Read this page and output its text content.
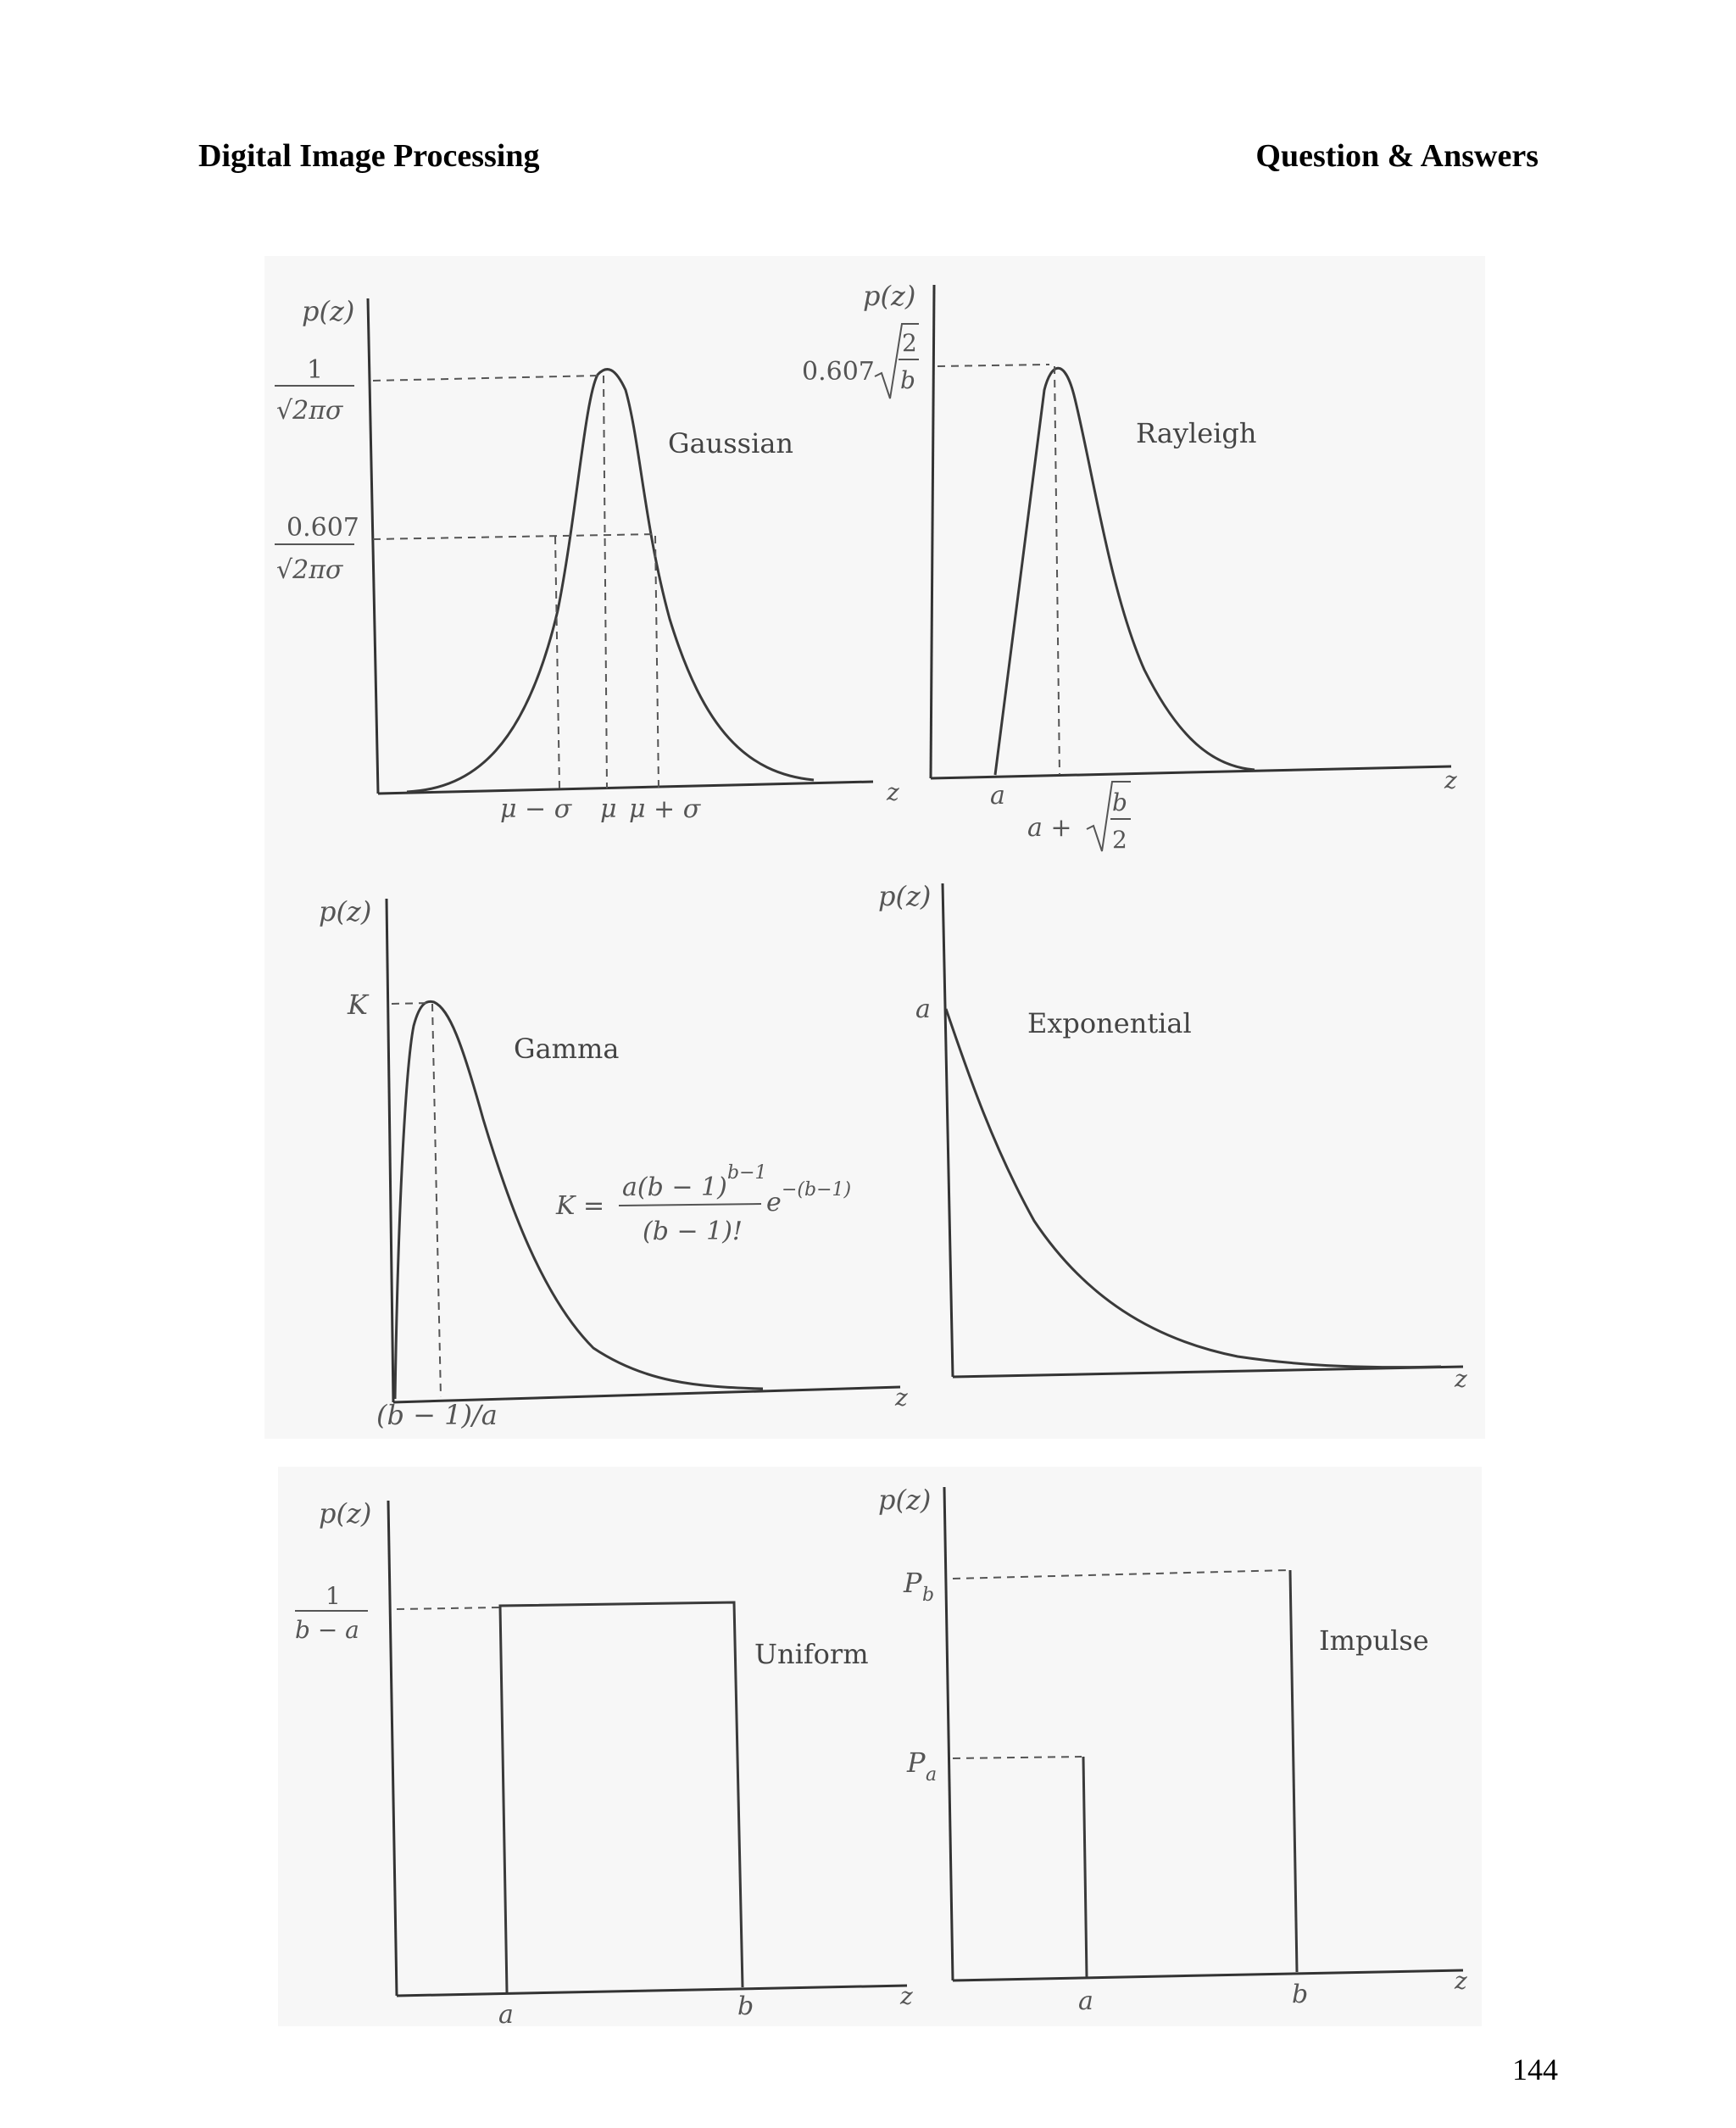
Digital Image Processing	Question & Answers
p(z)
1
√2πσ
0.607
√2πσ
μ − σ μ μ + σ
z
Gaussian
p(z)
0.607
2
b
a
a +
b
2
z
Rayleigh
p(z)
K
(b − 1)/a
z
Gamma
K =
a(b − 1) b−1
(b − 1)!
e −(b−1)
p(z)
a
z
Exponential
p(z)
1
b − a
a	b	z
Uniform
p(z)
P b
P a
a	b	z
Impulse
144
